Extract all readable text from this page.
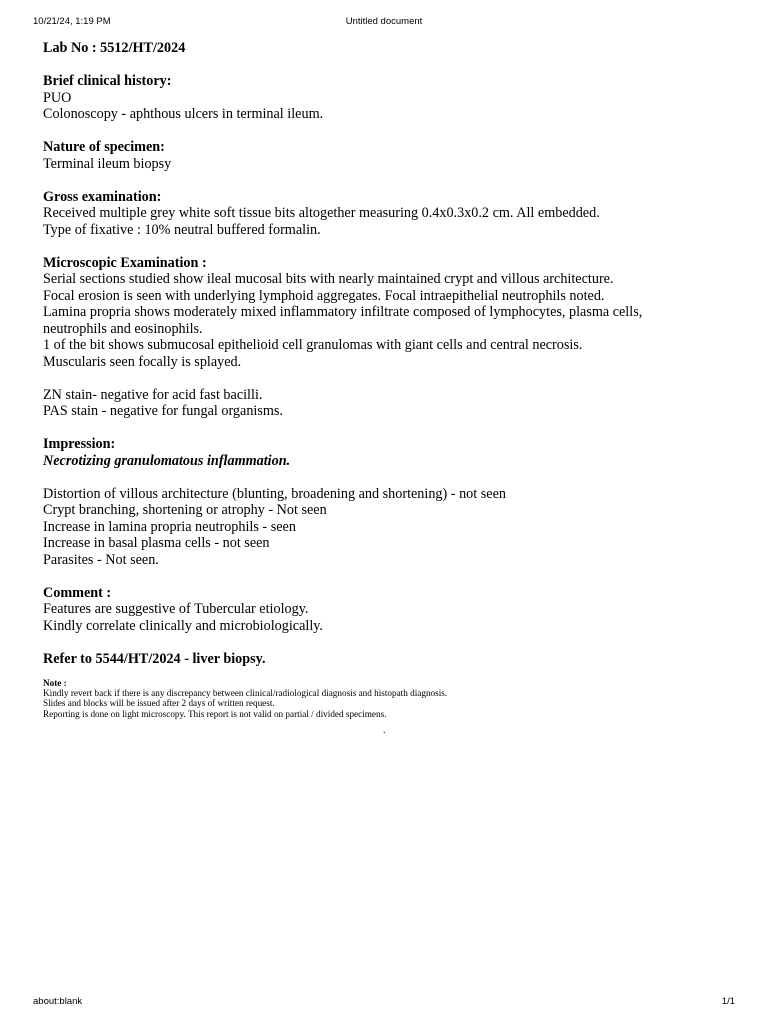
10/21/24, 1:19 PM	Untitled document

Lab No : 5512/HT/2024

Brief clinical history:

PUO

Colonoscopy - aphthous ulcers in terminal ileum.

Nature of specimen:

Terminal ileum biopsy

Gross examination:

Received multiple grey white soft tissue bits altogether measuring 0.4x0.3x0.2 cm. All embedded.

Type of fixative : 10% neutral buffered formalin.

Microscopic Examination :

Serial sections studied show ileal mucosal bits with nearly maintained crypt and villous architecture.

Focal erosion is seen with underlying lymphoid aggregates. Focal intraepithelial neutrophils noted.

Lamina propria shows moderately mixed inflammatory infiltrate composed of lymphocytes, plasma cells,

neutrophils and eosinophils.

1 of the bit shows submucosal epithelioid cell granulomas with giant cells and central necrosis.

Muscularis seen focally is splayed.

ZN stain- negative for acid fast bacilli.

PAS stain - negative for fungal organisms.

Impression:

Necrotizing granulomatous inflammation.

Distortion of villous architecture (blunting, broadening and shortening) - not seen

Crypt branching, shortening or atrophy - Not seen

Increase in lamina propria neutrophils - seen

Increase in basal plasma cells - not seen

Parasites - Not seen.

Comment :

Features are suggestive of Tubercular etiology.

Kindly correlate clinically and microbiologically.

Refer to 5544/HT/2024 - liver biopsy.

Note :

Kindly revert back if there is any discrepancy between clinical/radiological diagnosis and histopath diagnosis.

Slides and blocks will be issued after 2 days of written request.

Reporting is done on light microscopy. This report is not valid on partial / divided specimens.

.
about:blank	1/1
